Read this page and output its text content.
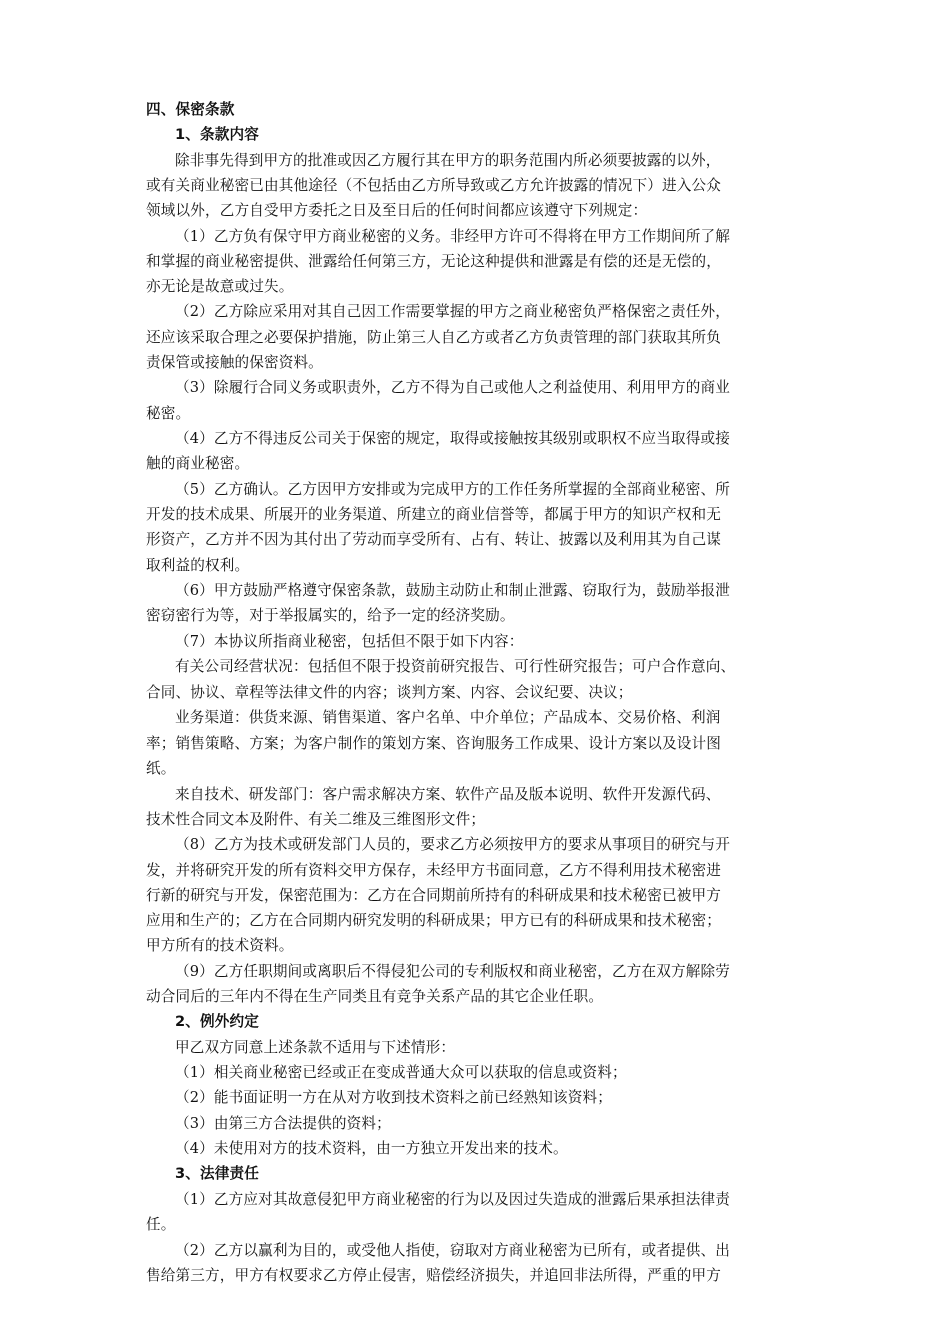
四、保密条款
1、条款内容
除非事先得到甲方的批准或因乙方履行其在甲方的职务范围内所必须要披露的以外，
或有关商业秘密已由其他途径（不包括由乙方所导致或乙方允许披露的情况下）进入公众
领域以外，乙方自受甲方委托之日及至日后的任何时间都应该遵守下列规定：
（1）乙方负有保守甲方商业秘密的义务。非经甲方许可不得将在甲方工作期间所了解
和掌握的商业秘密提供、泄露给任何第三方，无论这种提供和泄露是有偿的还是无偿的，
亦无论是故意或过失。
（2）乙方除应采用对其自己因工作需要掌握的甲方之商业秘密负严格保密之责任外，
还应该采取合理之必要保护措施，防止第三人自乙方或者乙方负责管理的部门获取其所负
责保管或接触的保密资料。
（3）除履行合同义务或职责外，乙方不得为自己或他人之利益使用、利用甲方的商业
秘密。
（4）乙方不得违反公司关于保密的规定，取得或接触按其级别或职权不应当取得或接
触的商业秘密。
（5）乙方确认。乙方因甲方安排或为完成甲方的工作任务所掌握的全部商业秘密、所
开发的技术成果、所展开的业务渠道、所建立的商业信誉等，都属于甲方的知识产权和无
形资产，乙方并不因为其付出了劳动而享受所有、占有、转让、披露以及利用其为自己谋
取利益的权利。
（6）甲方鼓励严格遵守保密条款，鼓励主动防止和制止泄露、窃取行为，鼓励举报泄
密窃密行为等，对于举报属实的，给予一定的经济奖励。
（7）本协议所指商业秘密，包括但不限于如下内容：
有关公司经营状况：包括但不限于投资前研究报告、可行性研究报告；可户合作意向、
合同、协议、章程等法律文件的内容；谈判方案、内容、会议纪要、决议；
业务渠道：供货来源、销售渠道、客户名单、中介单位；产品成本、交易价格、利润
率；销售策略、方案；为客户制作的策划方案、咨询服务工作成果、设计方案以及设计图
纸。
来自技术、研发部门：客户需求解决方案、软件产品及版本说明、软件开发源代码、
技术性合同文本及附件、有关二维及三维图形文件；
（8）乙方为技术或研发部门人员的，要求乙方必须按甲方的要求从事项目的研究与开
发，并将研究开发的所有资料交甲方保存，未经甲方书面同意，乙方不得利用技术秘密进
行新的研究与开发，保密范围为：乙方在合同期前所持有的科研成果和技术秘密已被甲方
应用和生产的；乙方在合同期内研究发明的科研成果；甲方已有的科研成果和技术秘密；
甲方所有的技术资料。
（9）乙方任职期间或离职后不得侵犯公司的专利版权和商业秘密，乙方在双方解除劳
动合同后的三年内不得在生产同类且有竞争关系产品的其它企业任职。
2、例外约定
甲乙双方同意上述条款不适用与下述情形：
（1）相关商业秘密已经或正在变成普通大众可以获取的信息或资料；
（2）能书面证明一方在从对方收到技术资料之前已经熟知该资料；
（3）由第三方合法提供的资料；
（4）未使用对方的技术资料，由一方独立开发出来的技术。
3、法律责任
（1）乙方应对其故意侵犯甲方商业秘密的行为以及因过失造成的泄露后果承担法律责
任。
（2）乙方以赢利为目的，或受他人指使，窃取对方商业秘密为已所有，或者提供、出
售给第三方，甲方有权要求乙方停止侵害，赔偿经济损失，并追回非法所得，严重的甲方
